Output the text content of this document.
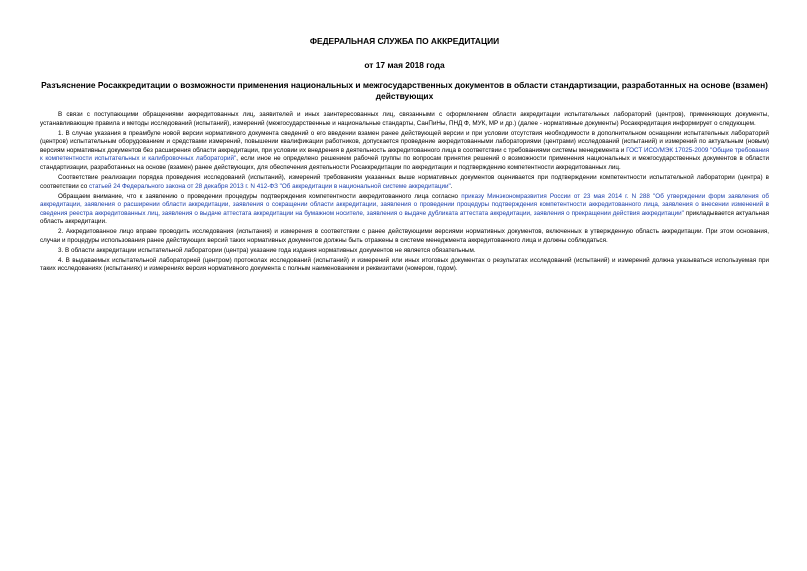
ФЕДЕРАЛЬНАЯ СЛУЖБА ПО АККРЕДИТАЦИИ
от 17 мая 2018 года
Разъяснение Росаккредитации о возможности применения национальных и межгосударственных документов в области стандартизации, разработанных на основе (взамен) действующих

В связи с поступающими обращениями аккредитованных лиц, заявителей и иных заинтересованных лиц, связанными с оформлением области аккредитации испытательных лабораторий (центров), применяющих документы, устанавливающие правила и методы исследований (испытаний), измерений (межгосударственные и национальные стандарты, СанПиНы, ПНД Ф, МУК, МР и др.) (далее - нормативные документы) Росаккредитация информирует о следующем.

1. В случае указания в преамбуле новой версии нормативного документа сведений о его введении взамен ранее действующей версии и при условии отсутствия необходимости в дополнительном оснащении испытательных лабораторий (центров) испытательным оборудованием и средствами измерений, повышении квалификации работников, допускается проведение аккредитованными лабораториями (центрами) исследований (испытаний) и измерений по актуальным (новым) версиям нормативных документов без расширения области аккредитации, при условии их внедрения в деятельность аккредитованного лица в соответствии с требованиями системы менеджмента и ГОСТ ИСО/МЭК 17025-2009 "Общие требования к компетентности испытательных и калибровочных лабораторий", если иное не определено решением рабочей группы по вопросам принятия решений о возможности применения национальных и межгосударственных документов в области стандартизации, разработанных на основе (взамен) ранее действующих, для обеспечения деятельности Росаккредитации по аккредитации и подтверждению компетентности аккредитованных лиц.

Соответствие реализации порядка проведения исследований (испытаний), измерений требованиям указанных выше нормативных документов оценивается при подтверждении компетентности испытательной лаборатории (центра) в соответствии со статьей 24 Федерального закона от 28 декабря 2013 г. N 412-ФЗ "Об аккредитации в национальной системе аккредитации".

Обращаем внимание, что к заявлению о проведении процедуры подтверждения компетентности аккредитованного лица согласно приказу Минэкономразвития России от 23 мая 2014 г. N 288 "Об утверждении форм заявления об аккредитации, заявления о расширении области аккредитации, заявления о сокращении области аккредитации, заявления о проведении процедуры подтверждения компетентности аккредитованного лица, заявления о внесении изменений в сведения реестра аккредитованных лиц, заявления о выдаче аттестата аккредитации на бумажном носителе, заявления о выдаче дубликата аттестата аккредитации, заявления о прекращении действия аккредитации" прикладывается актуальная область аккредитации.

2. Аккредитованное лицо вправе проводить исследования (испытания) и измерения в соответствии с ранее действующими версиями нормативных документов, включенных в утвержденную область аккредитации. При этом основания, случаи и процедуры использования ранее действующих версий таких нормативных документов должны быть отражены в системе менеджмента аккредитованного лица и должны соблюдаться.

3. В области аккредитации испытательной лаборатории (центра) указание года издания нормативных документов не является обязательным.

4. В выдаваемых испытательной лабораторией (центром) протоколах исследований (испытаний) и измерений или иных итоговых документах о результатах исследований (испытаний) и измерений должна указываться используемая при таких исследованиях (испытаниях) и измерениях версия нормативного документа с полным наименованием и реквизитами (номером, годом).
